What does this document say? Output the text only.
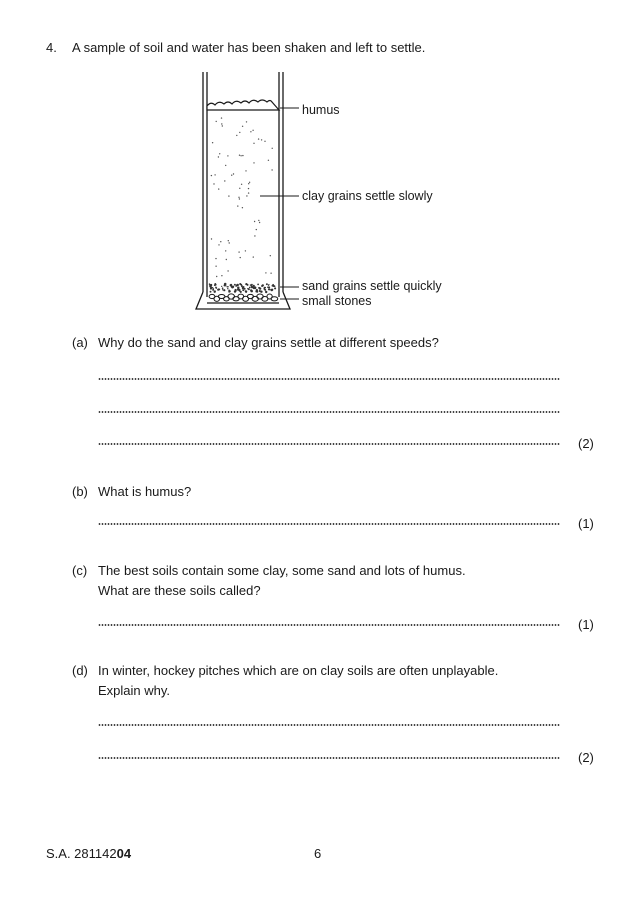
4. A sample of soil and water has been shaken and left to settle.
humus
clay grains settle slowly
sand grains settle quickly
small stones
(a) Why do the sand and clay grains settle at different speeds?
(2)
(b) What is humus?
(1)
(c) The best soils contain some clay, some sand and lots of humus.
What are these soils called?
(1)
(d) In winter, hockey pitches which are on clay soils are often unplayable.
Explain why.
(2)
S.A. 28114204	6
